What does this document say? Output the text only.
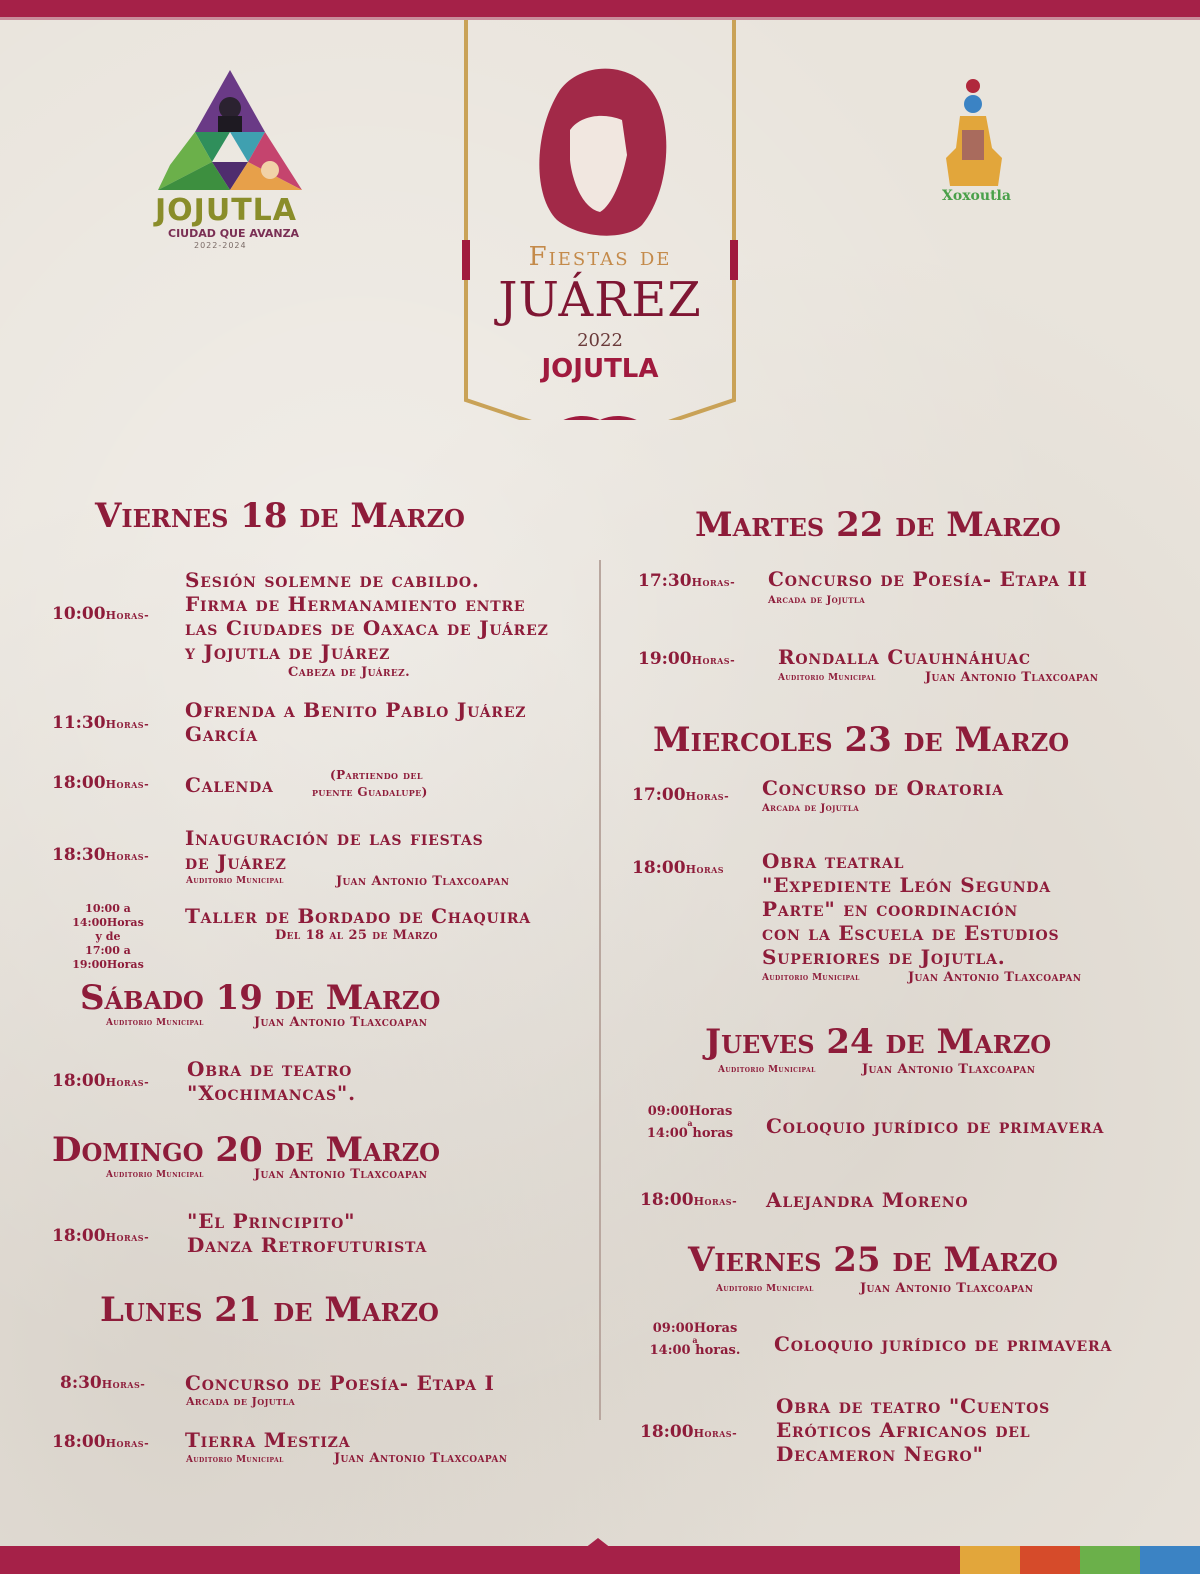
JOJUTLA
CIUDAD QUE AVANZA
2022-2024
Xoxoutla
Fiestas de
JUÁREZ
2022
JOJUTLA
Viernes 18 de Marzo
10:00Horas-
Sesión solemne de cabildo.
Firma de Hermanamiento entre
las Ciudades de Oaxaca de Juárez
y Jojutla de Juárez
Cabeza de Juárez.
11:30Horas-
Ofrenda a Benito Pablo Juárez
García
18:00Horas- Calenda	(Partiendo del
puente Guadalupe)
18:30Horas-
Inauguración de las fiestas
de Juárez
Auditorio Municipal	Juan Antonio Tlaxcoapan
10:00 a 14:00Horas
y de
17:00 a 19:00Horas
Taller de Bordado de Chaquira
Del 18 al 25 de Marzo
Sábado 19 de Marzo
Auditorio Municipal	Juan Antonio Tlaxcoapan
18:00Horas-
Obra de teatro
"Xochimancas".
Domingo 20 de Marzo
Auditorio Municipal	Juan Antonio Tlaxcoapan
18:00Horas-
"El Principito"
Danza Retrofuturista
Lunes 21 de Marzo
8:30Horas- Concurso de Poesía- Etapa I
Arcada de Jojutla
18:00Horas- Tierra Mestiza
Auditorio Municipal	Juan Antonio Tlaxcoapan
Martes 22 de Marzo
17:30Horas- Concurso de Poesía- Etapa II
Arcada de Jojutla
19:00Horas- Rondalla Cuauhnáhuac
Auditorio Municipal	Juan Antonio Tlaxcoapan
Miercoles 23 de Marzo
17:00Horas- Concurso de Oratoria
Arcada de Jojutla
18:00Horas Obra teatral
"Expediente León Segunda
Parte" en coordinación
con la Escuela de Estudios
Superiores de Jojutla.
Auditorio Municipal	Juan Antonio Tlaxcoapan
Jueves 24 de Marzo
Auditorio Municipal	Juan Antonio Tlaxcoapan
09:00Horas
a
14:00 horas	Coloquio jurídico de primavera
18:00Horas- Alejandra Moreno
Viernes 25 de Marzo
Auditorio Municipal	Juan Antonio Tlaxcoapan
09:00Horas
a
14:00 horas. Coloquio jurídico de primavera
18:00Horas-
Obra de teatro "Cuentos
Eróticos Africanos del
Decameron Negro"
